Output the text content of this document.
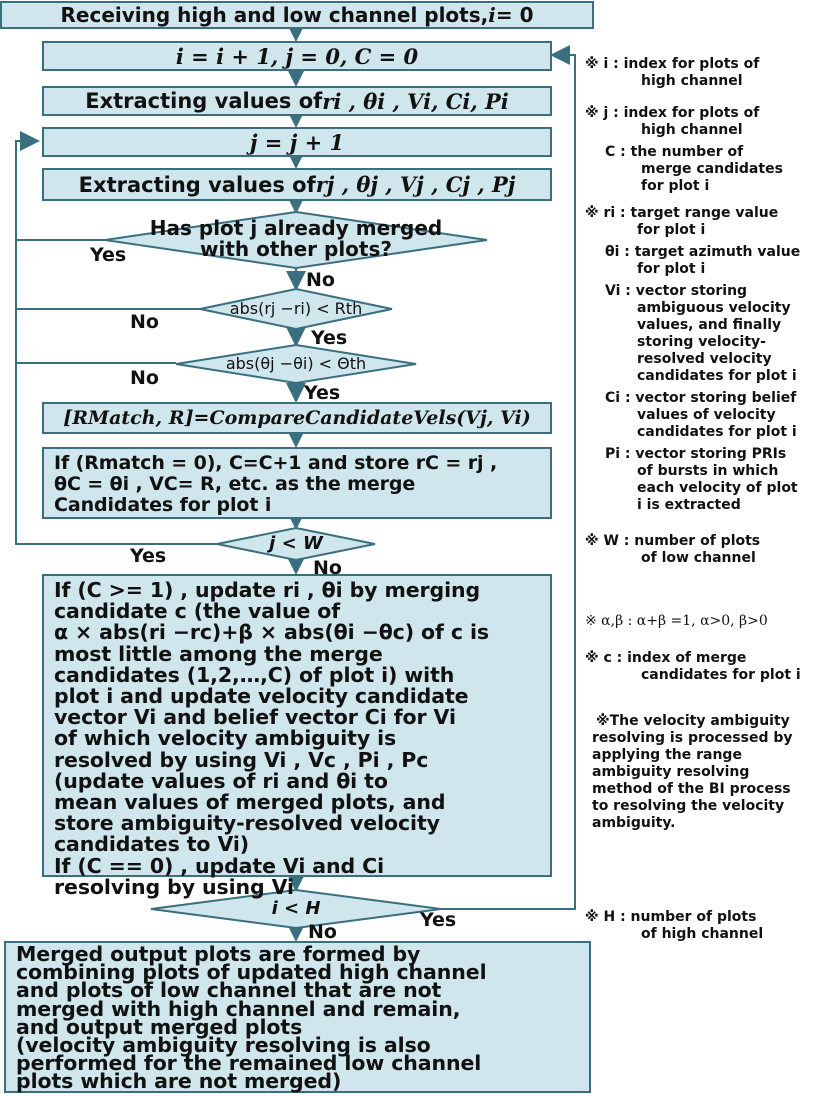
Receiving high and low channel plots, i = 0
i = i + 1, j = 0, C = 0
Extracting values of ri , θi , Vi, Ci, Pi
j = j + 1
Extracting values of rj , θj , Vj , Cj , Pj
Has plot j already merged
with other plots?
abs(rj −ri) < Rth
abs(θj −θi) < Θth
[RMatch, R]=CompareCandidateVels(Vj, Vi)
If (Rmatch = 0), C=C+1 and store rC = rj ,
θC = θi , VC= R, etc. as the merge
Candidates for plot i
j < W
If (C >= 1) , update ri , θi by merging
candidate c (the value of
α × abs(ri −rc)+β × abs(θi −θc) of c is
most little among the merge
candidates (1,2,…,C) of plot i) with
plot i and update velocity candidate
vector Vi and belief vector Ci for Vi
of which velocity ambiguity is
resolved by using Vi , Vc , Pi , Pc
(update values of ri and θi to
mean values of merged plots, and
store ambiguity-resolved velocity
candidates to Vi)
If (C == 0) , update Vi and Ci
resolving by using Vi
i < H
Merged output plots are formed by
combining plots of updated high channel
and plots of low channel that are not
merged with high channel and remain,
and output merged plots
(velocity ambiguity resolving is also
performed for the remained low channel
plots which are not merged)
Yes
No
No
Yes
No
Yes
Yes
No
Yes
No
※ i : index for plots of
high channel
※ j : index for plots of
high channel
C : the number of
merge candidates
for plot i
※ ri : target range value
for plot i
θi : target azimuth value
for plot i
Vi : vector storing
ambiguous velocity
values, and finally
storing velocity-
resolved velocity
candidates for plot i
Ci : vector storing belief
values of velocity
candidates for plot i
Pi : vector storing PRIs
of bursts in which
each velocity of plot
i is extracted
※ W : number of plots
of low channel
※ α,β : α+β =1, α>0, β>0
※ c : index of merge
candidates for plot i
※The velocity ambiguity
resolving is processed by
applying the range
ambiguity resolving
method of the BI process
to resolving the velocity
ambiguity.
※ H : number of plots
of high channel
